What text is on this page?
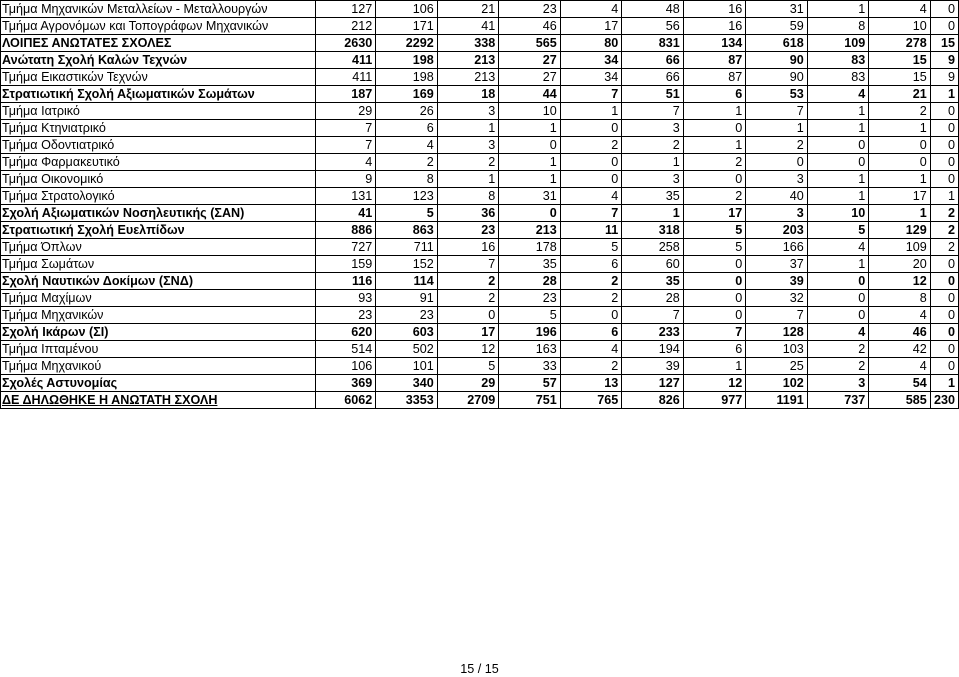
Τμήμα Μηχανικών Μεταλλείων - Μεταλλουργών	127	106	21	23	4	48	16	31	1	4	0
Τμήμα Αγρονόμων και Τοπογράφων Μηχανικών	212	171	41	46	17	56	16	59	8	10	0
ΛΟΙΠΕΣ ΑΝΩΤΑΤΕΣ ΣΧΟΛΕΣ	2630	2292	338	565	80	831	134	618	109	278	15
Ανώτατη Σχολή Καλών Τεχνών	411	198	213	27	34	66	87	90	83	15	9
Τμήμα Εικαστικών Τεχνών	411	198	213	27	34	66	87	90	83	15	9
Στρατιωτική Σχολή Αξιωματικών Σωμάτων	187	169	18	44	7	51	6	53	4	21	1
Τμήμα Ιατρικό	29	26	3	10	1	7	1	7	1	2	0
Τμήμα Κτηνιατρικό	7	6	1	1	0	3	0	1	1	1	0
Τμήμα Οδοντιατρικό	7	4	3	0	2	2	1	2	0	0	0
Τμήμα Φαρμακευτικό	4	2	2	1	0	1	2	0	0	0	0
Τμήμα Οικονομικό	9	8	1	1	0	3	0	3	1	1	0
Τμήμα Στρατολογικό	131	123	8	31	4	35	2	40	1	17	1
Σχολή Αξιωματικών Νοσηλευτικής (ΣΑΝ)	41	5	36	0	7	1	17	3	10	1	2
Στρατιωτική Σχολή Ευελπίδων	886	863	23	213	11	318	5	203	5	129	2
Τμήμα Όπλων	727	711	16	178	5	258	5	166	4	109	2
Τμήμα Σωμάτων	159	152	7	35	6	60	0	37	1	20	0
Σχολή Ναυτικών Δοκίμων (ΣΝΔ)	116	114	2	28	2	35	0	39	0	12	0
Τμήμα Μαχίμων	93	91	2	23	2	28	0	32	0	8	0
Τμήμα Μηχανικών	23	23	0	5	0	7	0	7	0	4	0
Σχολή Ικάρων (ΣΙ)	620	603	17	196	6	233	7	128	4	46	0
Τμήμα Ιπταμένου	514	502	12	163	4	194	6	103	2	42	0
Τμήμα Μηχανικού	106	101	5	33	2	39	1	25	2	4	0
Σχολές Αστυνομίας	369	340	29	57	13	127	12	102	3	54	1
ΔΕ ΔΗΛΩΘΗΚΕ Η ΑΝΩΤΑΤΗ ΣΧΟΛΗ	6062	3353	2709	751	765	826	977	1191	737	585	230
15 / 15
